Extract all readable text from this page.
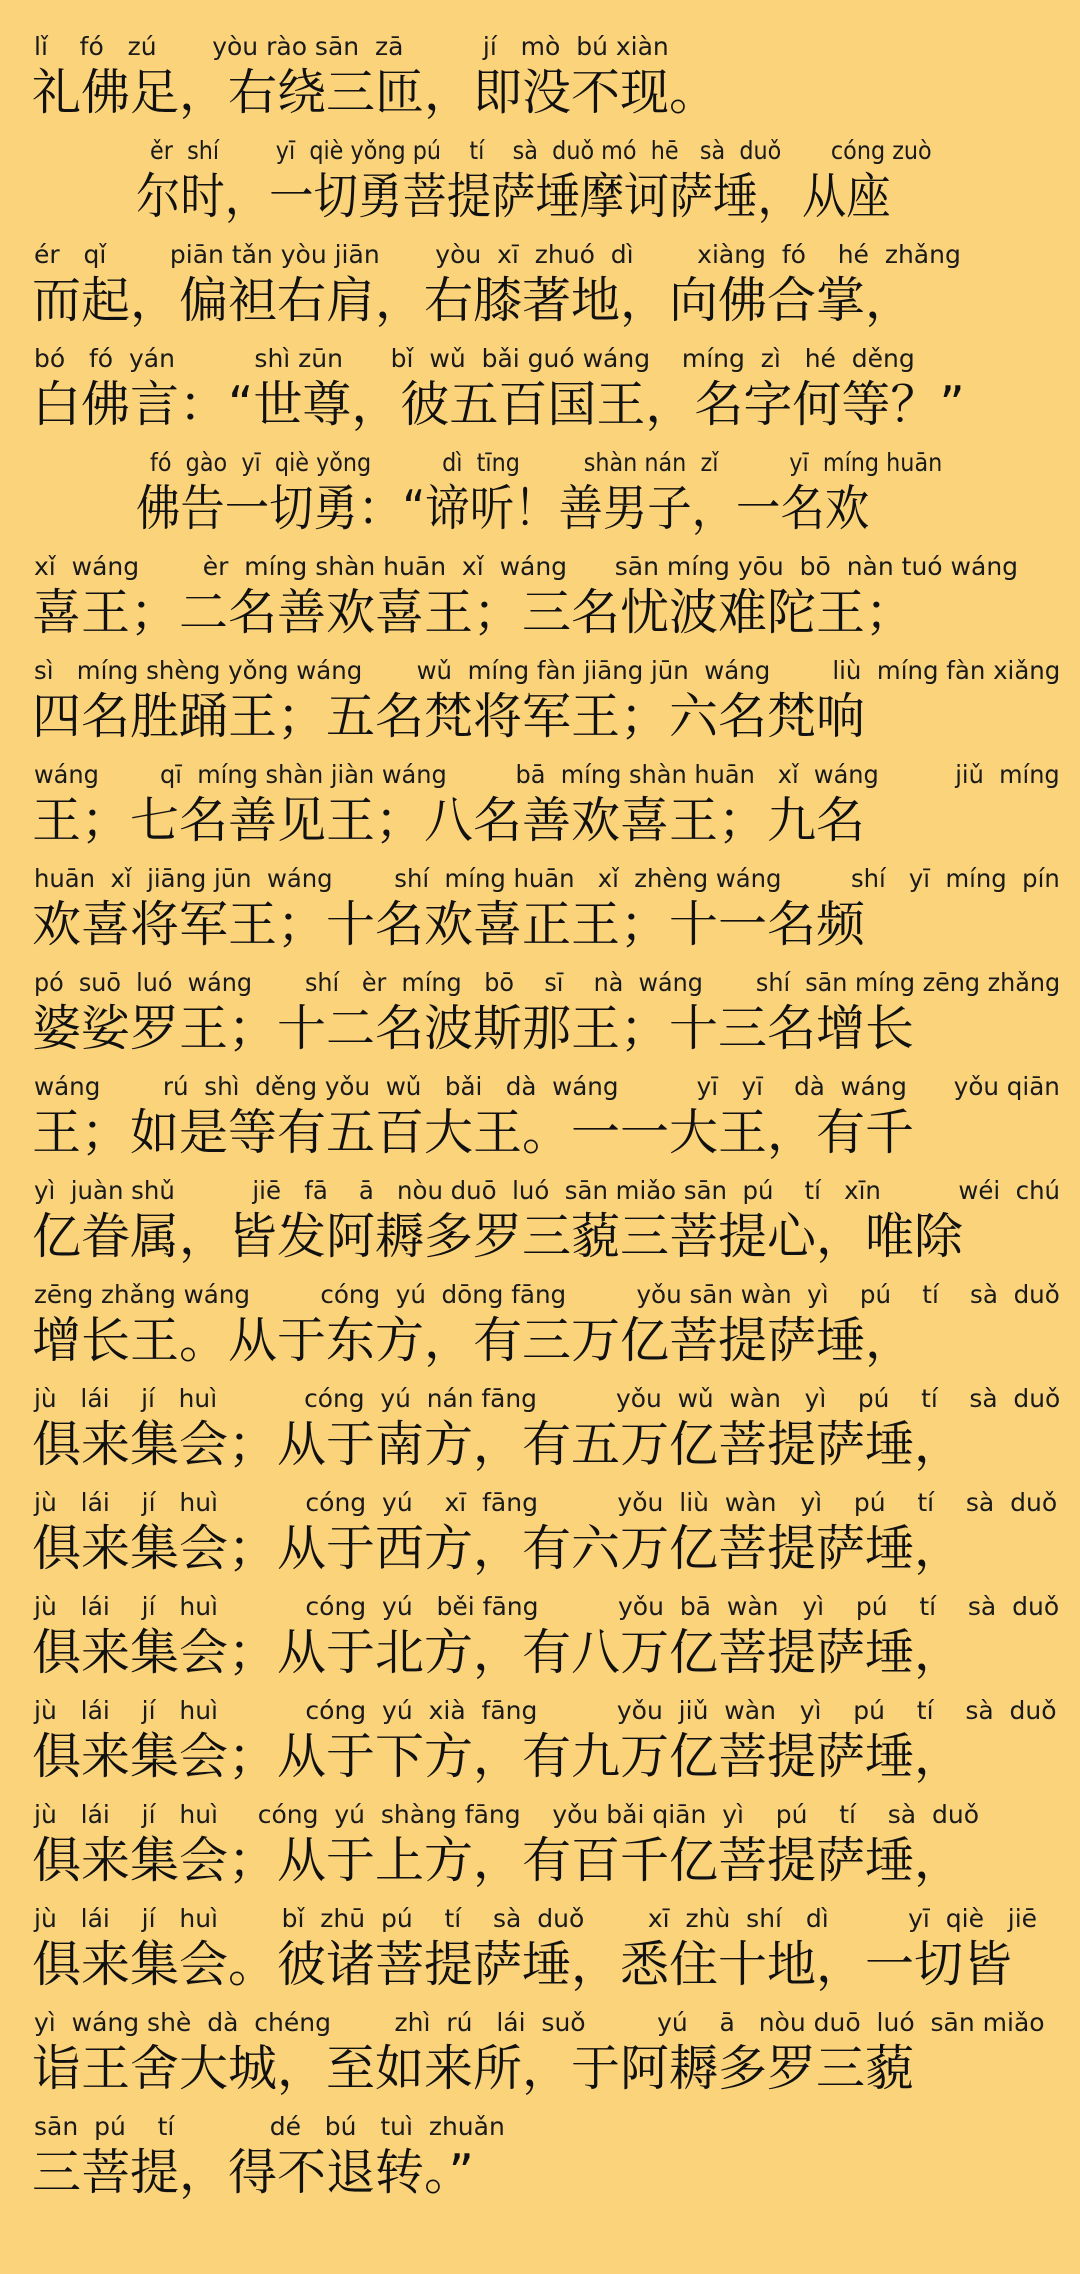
lǐ    fó   zú       yòu rào sān  zā          jí   mò  bú xiàn
礼佛足，右绕三匝，即没不现。
ěr  shí        yī  qiè yǒng pú    tí    sà  duǒ mó  hē   sà  duǒ       cóng zuò
尔时，一切勇菩提萨埵摩诃萨埵，从座
ér   qǐ        piān tǎn yòu jiān       yòu  xī  zhuó  dì        xiàng  fó    hé  zhǎng
而起，偏袒右肩，右膝著地，向佛合掌，
bó   fó  yán          shì zūn      bǐ  wǔ  bǎi guó wáng    míng  zì   hé  děng
白佛言：“世尊，彼五百国王，名字何等？”
fó  gào  yī  qiè yǒng          dì  tīng         shàn nán  zǐ          yī  míng huān
佛告一切勇：“谛听！善男子，一名欢
xǐ  wáng        èr  míng shàn huān  xǐ  wáng      sān míng yōu  bō  nàn tuó wáng
喜王；二名善欢喜王；三名忧波难陀王；
sì   míng shèng yǒng wáng       wǔ  míng fàn jiāng jūn  wáng        liù  míng fàn xiǎng
四名胜踊王；五名梵将军王；六名梵响
wáng        qī  míng shàn jiàn wáng         bā  míng shàn huān   xǐ  wáng          jiǔ  míng
王；七名善见王；八名善欢喜王；九名
huān  xǐ  jiāng jūn  wáng        shí  míng huān   xǐ  zhèng wáng         shí   yī  míng  pín
欢喜将军王；十名欢喜正王；十一名频
pó  suō  luó  wáng       shí   èr  míng   bō    sī    nà  wáng       shí  sān míng zēng zhǎng
婆娑罗王；十二名波斯那王；十三名增长
wáng        rú  shì  děng yǒu  wǔ   bǎi   dà  wáng          yī   yī    dà  wáng      yǒu qiān
王；如是等有五百大王。一一大王，有千
yì  juàn shǔ          jiē   fā    ā   nòu duō  luó  sān miǎo sān  pú    tí   xīn          wéi  chú
亿眷属，皆发阿耨多罗三藐三菩提心，唯除
zēng zhǎng wáng         cóng  yú  dōng fāng         yǒu sān wàn  yì    pú    tí    sà  duǒ
增长王。从于东方，有三万亿菩提萨埵，
jù   lái    jí   huì           cóng  yú  nán fāng          yǒu  wǔ  wàn   yì    pú    tí    sà  duǒ
俱来集会；从于南方，有五万亿菩提萨埵，
jù   lái    jí   huì           cóng  yú    xī  fāng          yǒu  liù  wàn   yì    pú    tí    sà  duǒ
俱来集会；从于西方，有六万亿菩提萨埵，
jù   lái    jí   huì           cóng  yú   běi fāng          yǒu  bā  wàn   yì    pú    tí    sà  duǒ
俱来集会；从于北方，有八万亿菩提萨埵，
jù   lái    jí   huì           cóng  yú  xià  fāng          yǒu  jiǔ  wàn   yì    pú    tí    sà  duǒ
俱来集会；从于下方，有九万亿菩提萨埵，
jù   lái    jí   huì     cóng  yú  shàng fāng    yǒu bǎi qiān  yì    pú    tí    sà  duǒ
俱来集会；从于上方，有百千亿菩提萨埵，
jù   lái    jí   huì        bǐ  zhū  pú    tí    sà  duǒ        xī  zhù  shí   dì          yī  qiè   jiē
俱来集会。彼诸菩提萨埵，悉住十地，一切皆
yì  wáng shè  dà  chéng        zhì  rú   lái  suǒ         yú    ā   nòu duō  luó  sān miǎo
诣王舍大城，至如来所，于阿耨多罗三藐
sān  pú    tí            dé   bú   tuì  zhuǎn
三菩提，得不退转。”
